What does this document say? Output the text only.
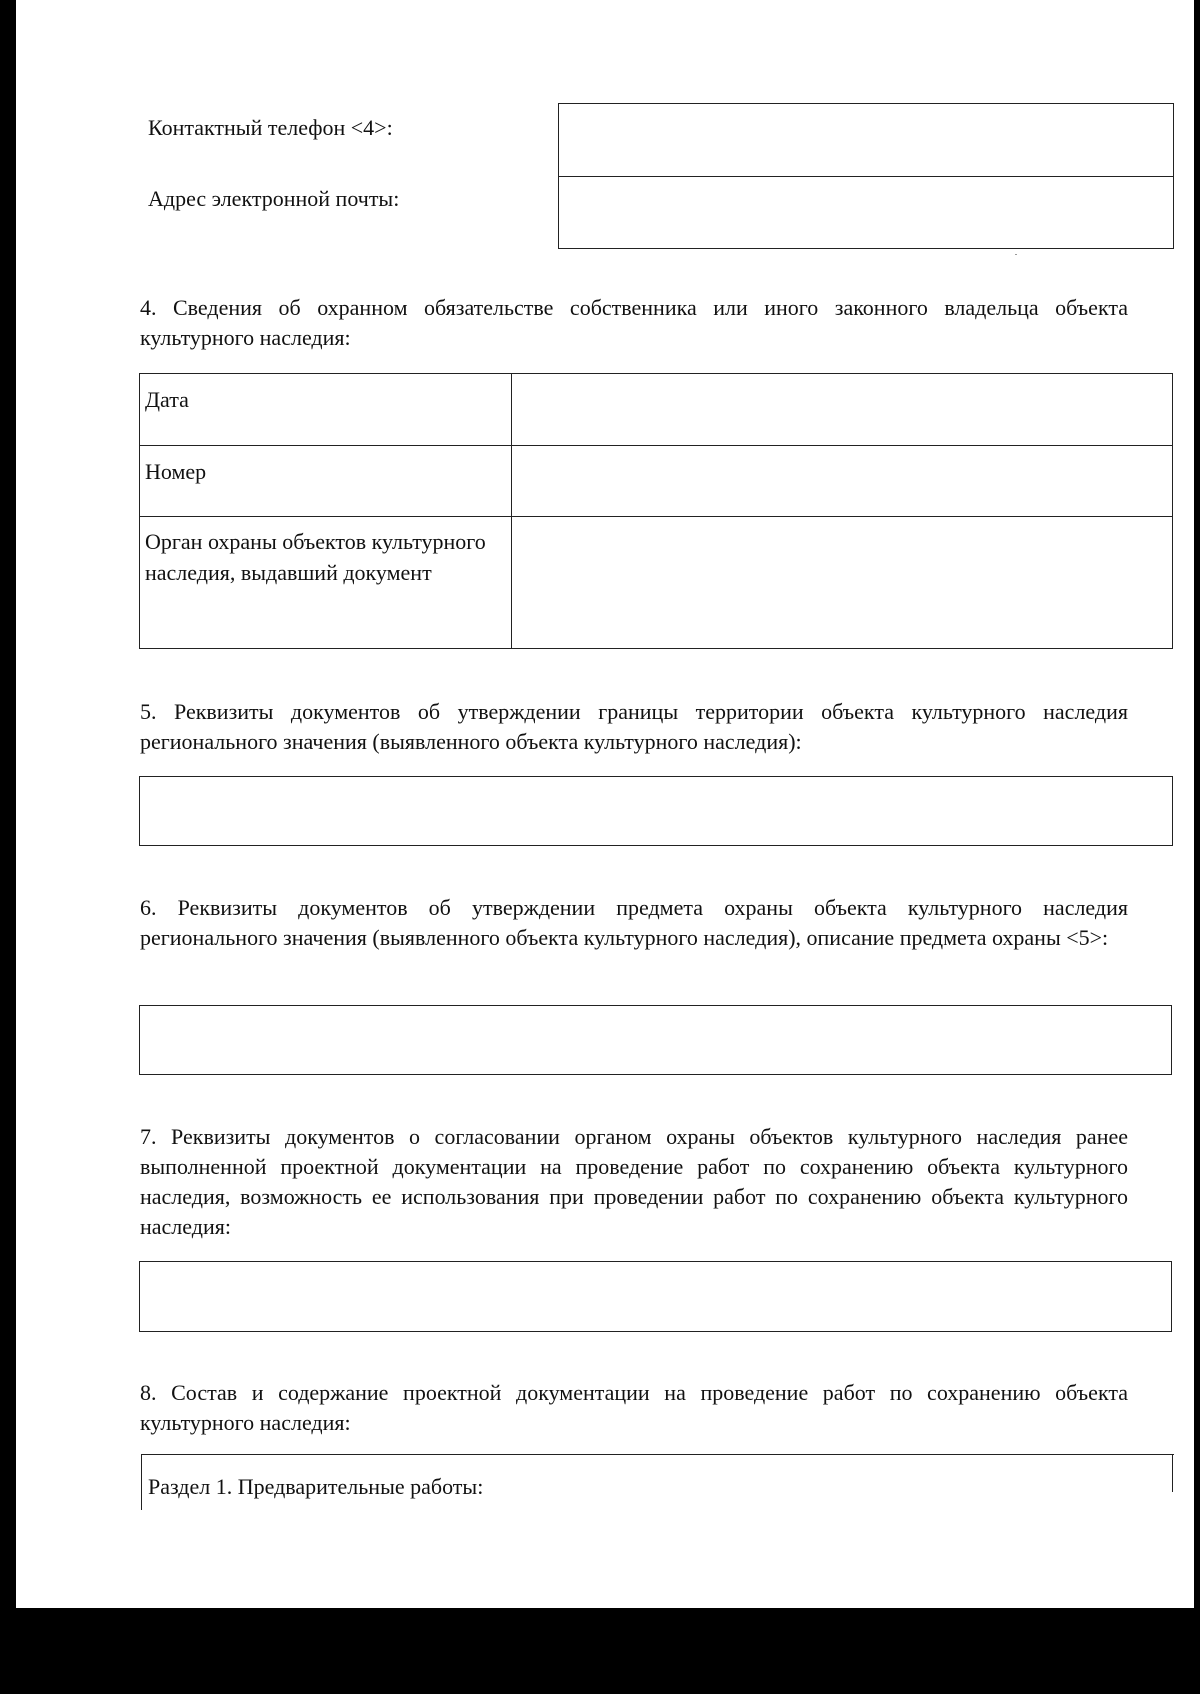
Контактный телефон <4>:
Адрес электронной почты:
4. Сведения об охранном обязательстве собственника или иного законного владельца объекта культурного наследия:
Дата
Номер
Орган охраны объектов культурного наследия, выдавший документ
5. Реквизиты документов об утверждении границы территории объекта культурного наследия регионального значения (выявленного объекта культурного наследия):
6. Реквизиты документов об утверждении предмета охраны объекта культурного наследия регионального значения (выявленного объекта культурного наследия), описание предмета охраны <5>:
7. Реквизиты документов о согласовании органом охраны объектов культурного наследия ранее выполненной проектной документации на проведение работ по сохранению объекта культурного наследия, возможность ее использования при проведении работ по сохранению объекта культурного наследия:
8. Состав и содержание проектной документации на проведение работ по сохранению объекта культурного наследия:
Раздел 1. Предварительные работы:
